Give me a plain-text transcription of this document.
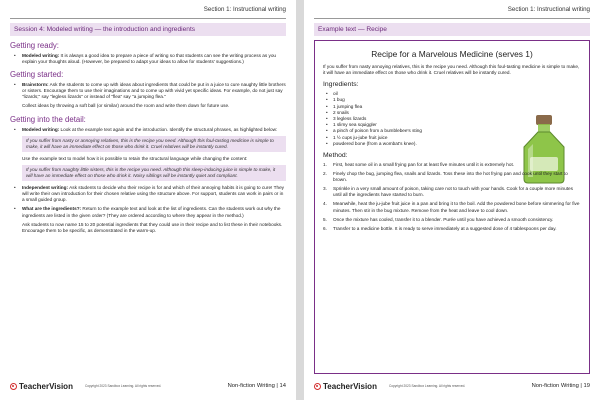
Section 1: Instructional writing
Session 4: Modeled writing — the introduction and ingredients
Getting ready:
• Modeled writing: It is always a good idea to prepare a piece of writing so that students can see the writing process as you explain your thoughts aloud. (However, be prepared to adapt your ideas to allow for students' suggestions.)
Getting started:
• Brainstorm: Ask the students to come up with ideas about ingredients that could be put in a juice to cure naughty little brothers or sisters. Encourage them to use their imaginations and to come up with vivid yet specific ideas. For example, do not just say "lizards;" say "legless lizards" or instead of "flea" say "a jumping flea."

Collect ideas by throwing a soft ball (or similar) around the room and write them down for future use.

Getting into the detail:
• Modeled writing: Look at the example text again and the introduction. Identify the structural phrases, as highlighted below:
If you suffer from nasty or annoying relatives, this is the recipe you need. Although this foul-tasting medicine is simple to make, it will have an immediate effect on those who drink it. Cruel relatives will be instantly cured.

Use the example text to model how it is possible to retain the structural language while changing the content:

If you suffer from naughty little sisters, this is the recipe you need. Although this sleep-inducing juice is simple to make, it will have an immediate effect on those who drink it. Noisy siblings will be instantly quiet and compliant.
• Independent writing: Ask students to decide who their recipe is for and which of their annoying habits it is going to cure! They will write their own introduction for their chosen relative using the structure above. For support, students can work in pairs or in a small guided group.
• What are the ingredients?: Return to the example text and look at the list of ingredients. Can the students work out why the ingredients are listed in the given order? (They are ordered according to where they appear in the method.)

Ask students to now name 15 to 20 potential ingredients that they could use in their recipe and to list these in their notebooks. Encourage them to be specific, as demonstrated in the warm-up.

TeacherVision	Copyright 2023 Sandbox Learning. All rights reserved.	Non-fiction Writing | 14
Section 1: Instructional writing
Example text — Recipe
Recipe for a Marvelous Medicine (serves 1)

If you suffer from nasty annoying relatives, this is the recipe you need. Although this foul-tasting medicine is simple to make, it will have an immediate effect on those who drink it. Cruel relatives will be instantly cured.

Ingredients:
• oil
• 1 bug
• 1 jumping flea
• 2 snails
• 3 legless lizards
• 1 slimy sea squiggler
• a pinch of poison from a bumblebee's sting
• 1 ½ cups ju-jube fruit juice
• powdered bone (from a wombat's knee).
Method:
1. First, heat some oil in a small frying pan for at least five minutes until it is extremely hot.
2. Finely chop the bug, jumping flea, snails and lizards. Toss these into the hot frying pan and cook until they start to brown.
3. Sprinkle in a very small amount of poison, taking care not to touch with your hands. Cook for a couple more minutes until all the ingredients have started to burn.
4. Meanwhile, heat the ju-jube fruit juice in a pan and bring it to the boil. Add the powdered bone before simmering for five minutes. Then stir in the bug mixture. Remove from the heat and leave to cool down.
5. Once the mixture has cooled, transfer it to a blender. Purée until you have achieved a smooth consistency.
6. Transfer to a medicine bottle. It is ready to serve immediately at a suggested dose of 4 tablespoons per day.
TeacherVision	Copyright 2023 Sandbox Learning. All rights reserved.	Non-fiction Writing | 19
